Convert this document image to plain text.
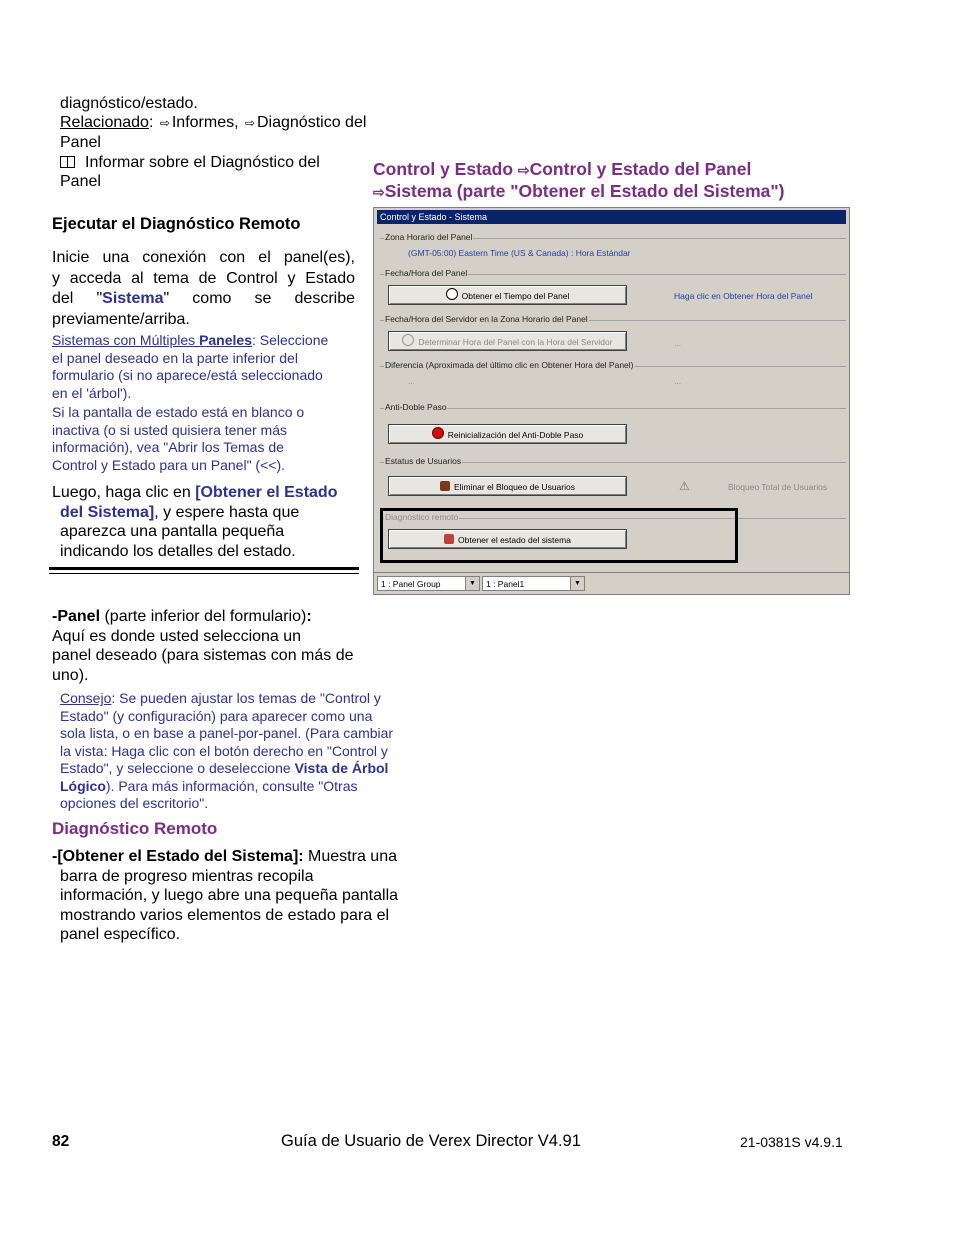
diagnóstico/estado.
Relacionado: ⇨ Informes, ⇨ Diagnóstico del
Panel
Informar sobre el Diagnóstico del
Panel
Ejecutar el Diagnóstico Remoto
Inicie una conexión con el panel(es),
y acceda al tema de Control y Estado
del "Sistema" como se describe
previamente/arriba.
Sistemas con Múltiples Paneles: Seleccione
el panel deseado en la parte inferior del
formulario (si no aparece/está seleccionado
en el 'árbol').
Si la pantalla de estado está en blanco o
inactiva (o si usted quisiera tener más
información), vea "Abrir los Temas de
Control y Estado para un Panel" (<<).
Luego, haga clic en [Obtener el Estado
del Sistema], y espere hasta que
aparezca una pantalla pequeña
indicando los detalles del estado.
-Panel (parte inferior del formulario):
Aquí es donde usted selecciona un
panel deseado (para sistemas con más de
uno).
Consejo: Se pueden ajustar los temas de "Control y
Estado" (y configuración) para aparecer como una
sola lista, o en base a panel-por-panel. (Para cambiar
la vista: Haga clic con el botón derecho en "Control y
Estado", y seleccione o deseleccione Vista de Árbol
Lógico). Para más información, consulte "Otras
opciones del escritorio".
Diagnóstico Remoto
-[Obtener el Estado del Sistema]: Muestra una
barra de progreso mientras recopila
información, y luego abre una pequeña pantalla
mostrando varios elementos de estado para el
panel específico.
Control y Estado ⇨Control y Estado del Panel
⇨Sistema (parte "Obtener el Estado del Sistema")
Control y Estado - Sistema
Zona Horario del Panel
(GMT-05:00) Eastern Time (US & Canada) : Hora Estándar
Fecha/Hora del Panel
Obtener el Tiempo del Panel	Haga clic en Obtener Hora del Panel
Fecha/Hora del Servidor en la Zona Horario del Panel
Determinar Hora del Panel con la Hora del Servidor	...
Diferencia (Aproximada del último clic en Obtener Hora del Panel)
...	...
Anti-Doble Paso
Reinicialización del Anti-Doble Paso
Estatus de Usuarios
Eliminar el Bloqueo de Usuarios	⚠	Bloqueo Total de Usuarios
Diagnóstico remoto
Obtener el estado del sistema
1 : Panel Group	▼	1 : Panel1	▼
82	Guía de Usuario de Verex Director V4.91	21-0381S v4.9.1
